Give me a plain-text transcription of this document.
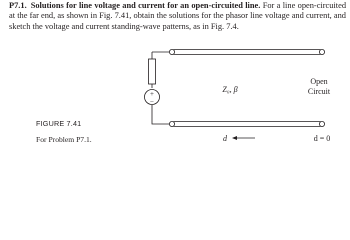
P7.1. Solutions for line voltage and current for an open-circuited line. For a line open-circuited at the far end, as shown in Fig. 7.41, obtain the solutions for the phasor line voltage and current, and sketch the voltage and current standing-wave patterns, as in Fig. 7.4.
+
−
Z₀, β
Open
Circuit
d	d = 0
FIGURE 7.41
For Problem P7.1.
